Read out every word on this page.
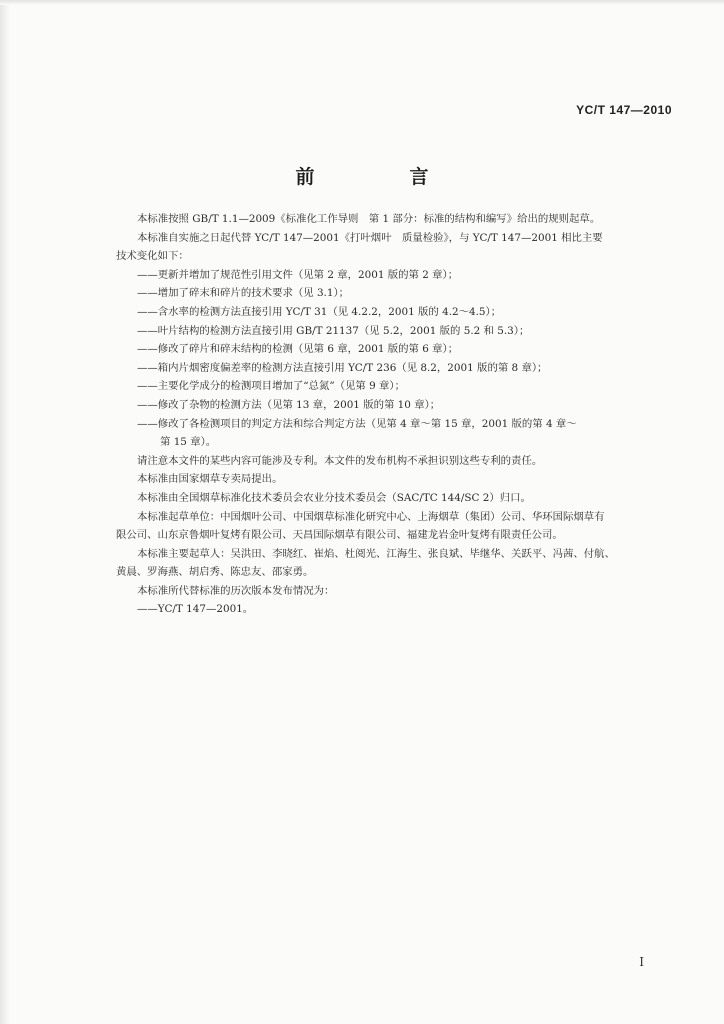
YC/T 147—2010
前　言

本标准按照 GB/T 1.1—2009《标准化工作导则　第 1 部分：标准的结构和编写》给出的规则起草。

本标准自实施之日起代替 YC/T 147—2001《打叶烟叶　质量检验》，与 YC/T 147—2001 相比主要

技术变化如下：

——更新并增加了规范性引用文件（见第 2 章，2001 版的第 2 章）；

——增加了碎末和碎片的技术要求（见 3.1）；

——含水率的检测方法直接引用 YC/T 31（见 4.2.2，2001 版的 4.2～4.5）；

——叶片结构的检测方法直接引用 GB/T 21137（见 5.2，2001 版的 5.2 和 5.3）；

——修改了碎片和碎末结构的检测（见第 6 章，2001 版的第 6 章）；

——箱内片烟密度偏差率的检测方法直接引用 YC/T 236（见 8.2，2001 版的第 8 章）；

——主要化学成分的检测项目增加了“总氮”（见第 9 章）；

——修改了杂物的检测方法（见第 13 章，2001 版的第 10 章）；

——修改了各检测项目的判定方法和综合判定方法（见第 4 章～第 15 章，2001 版的第 4 章～

第 15 章）。

请注意本文件的某些内容可能涉及专利。本文件的发布机构不承担识别这些专利的责任。

本标准由国家烟草专卖局提出。

本标准由全国烟草标准化技术委员会农业分技术委员会（SAC/TC 144/SC 2）归口。

本标准起草单位：中国烟叶公司、中国烟草标准化研究中心、上海烟草（集团）公司、华环国际烟草有

限公司、山东京鲁烟叶复烤有限公司、天昌国际烟草有限公司、福建龙岩金叶复烤有限责任公司。

本标准主要起草人：吴洪田、李晓红、崔焰、杜阅光、江海生、张良斌、毕继华、关跃平、冯茜、付航、

黄晨、罗海燕、胡启秀、陈忠友、邵家勇。

本标准所代替标准的历次版本发布情况为：

——YC/T 147—2001。

I
